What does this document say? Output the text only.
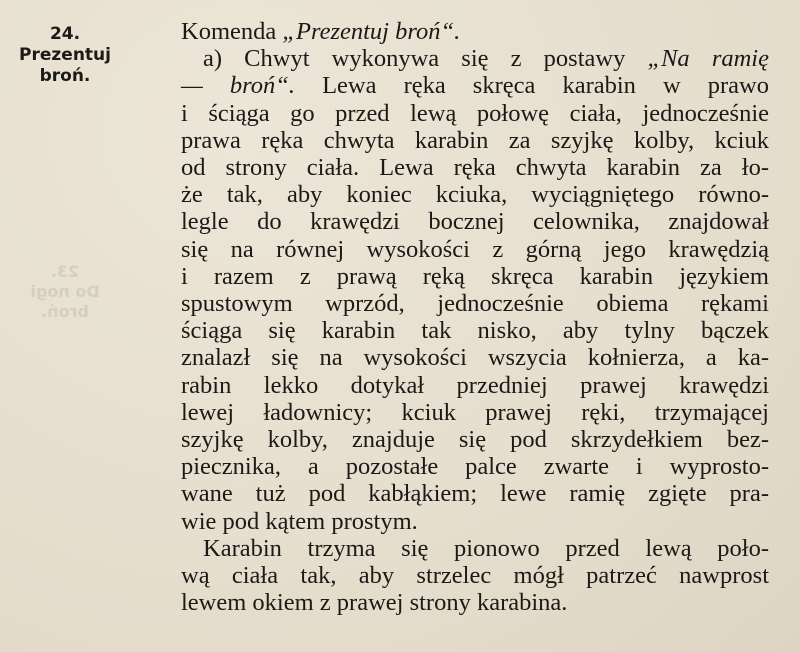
24.
Prezentuj
broń.
23.
Do nogi
broń.
Komenda „Prezentuj broń“.
a) Chwyt wykonywa się z postawy „Na ramię
— broń“. Lewa ręka skręca karabin w prawo
i ściąga go przed lewą połowę ciała, jednocześnie
prawa ręka chwyta karabin za szyjkę kolby, kciuk
od strony ciała. Lewa ręka chwyta karabin za ło-
że tak, aby koniec kciuka, wyciągniętego równo-
legle do krawędzi bocznej celownika, znajdował
się na równej wysokości z górną jego krawędzią
i razem z prawą ręką skręca karabin językiem
spustowym wprzód, jednocześnie obiema rękami
ściąga się karabin tak nisko, aby tylny bączek
znalazł się na wysokości wszycia kołnierza, a ka-
rabin lekko dotykał przedniej prawej krawędzi
lewej ładownicy; kciuk prawej ręki, trzymającej
szyjkę kolby, znajduje się pod skrzydełkiem bez-
piecznika, a pozostałe palce zwarte i wyprosto-
wane tuż pod kabłąkiem; lewe ramię zgięte pra-
wie pod kątem prostym.
Karabin trzyma się pionowo przed lewą poło-
wą ciała tak, aby strzelec mógł patrzeć nawprost
lewem okiem z prawej strony karabina.
